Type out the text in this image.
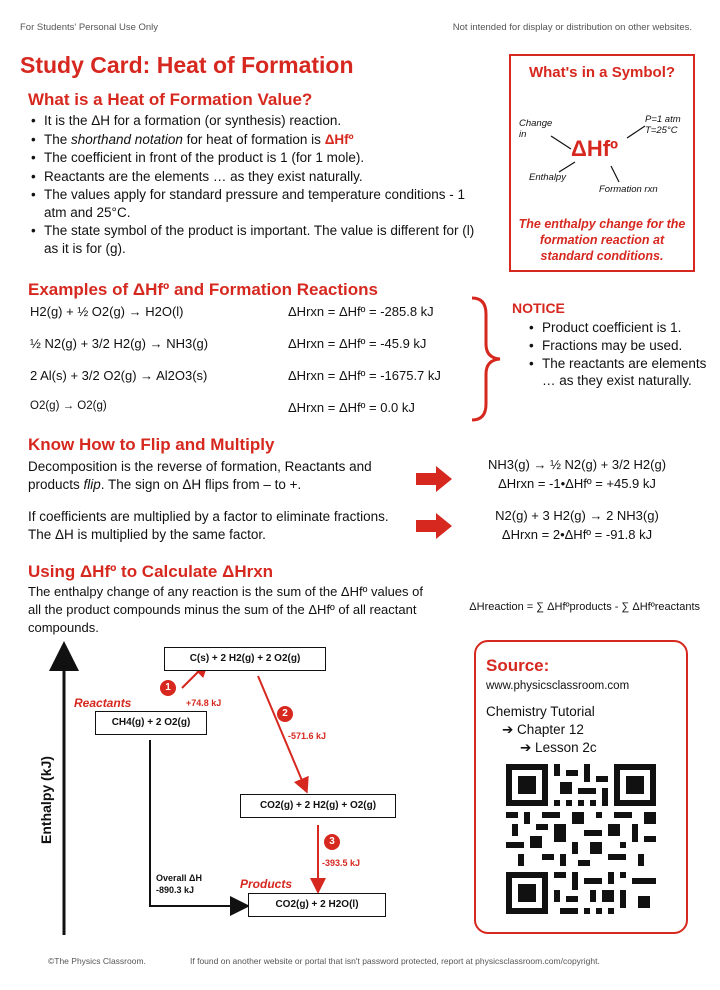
For Students' Personal Use Only	Not intended for display or distribution on other websites.
Study Card: Heat of Formation
What is a Heat of Formation Value?
• It is the ΔH for a formation (or synthesis) reaction.
• The shorthand notation for heat of formation is ΔHfº
• The coefficient in front of the product is 1 (for 1 mole).
• Reactants are the elements … as they exist naturally.
• The values apply for standard pressure and temperature conditions - 1 atm and 25°C.
• The state symbol of the product is important. The value is different for (l) as it is for (g).
What's in a Symbol?
Change in
P=1 atm T=25°C
ΔHfº
Enthalpy
Formation rxn
The enthalpy change for the formation reaction at standard conditions.
Examples of ΔHfº and Formation Reactions
H2(g) + ½ O2(g) → H2O(l)	ΔHrxn = ΔHfº = -285.8 kJ
½ N2(g) + 3/2 H2(g) → NH3(g)	ΔHrxn = ΔHfº = -45.9 kJ
2 Al(s) + 3/2 O2(g) → Al2O3(s)	ΔHrxn = ΔHfº = -1675.7 kJ
O2(g) → O2(g)	ΔHrxn = ΔHfº = 0.0 kJ
NOTICE
• Product coefficient is 1.
• Fractions may be used.
• The reactants are elements … as they exist naturally.
Know How to Flip and Multiply
Decomposition is the reverse of formation, Reactants and products flip. The sign on ΔH flips from – to +.
NH3(g) → ½ N2(g) + 3/2 H2(g)
ΔHrxn = -1•ΔHfº = +45.9 kJ
If coefficients are multiplied by a factor to eliminate fractions. The ΔH is multiplied by the same factor.
N2(g) + 3 H2(g) → 2 NH3(g)
ΔHrxn = 2•ΔHfº = -91.8 kJ
Using ΔHfº to Calculate ΔHrxn
The enthalpy change of any reaction is the sum of the ΔHfº values of all the product compounds minus the sum of the ΔHfº of all reactant compounds.
ΔHreaction = ∑ ΔHfºproducts - ∑ ΔHfºreactants
Enthalpy (kJ)
C(s) + 2 H2(g) + 2 O2(g)
Reactants
CH4(g) + 2 O2(g)
1
+74.8 kJ
2
-571.6 kJ
CO2(g) + 2 H2(g) + O2(g)
3
-393.5 kJ
Overall ΔH
-890.3 kJ	Products
CO2(g) + 2 H2O(l)
Source:
www.physicsclassroom.com
Chemistry Tutorial
➔ Chapter 12
➔ Lesson 2c
©The Physics Classroom.	If found on another website or portal that isn't password protected, report at physicsclassroom.com/copyright.
